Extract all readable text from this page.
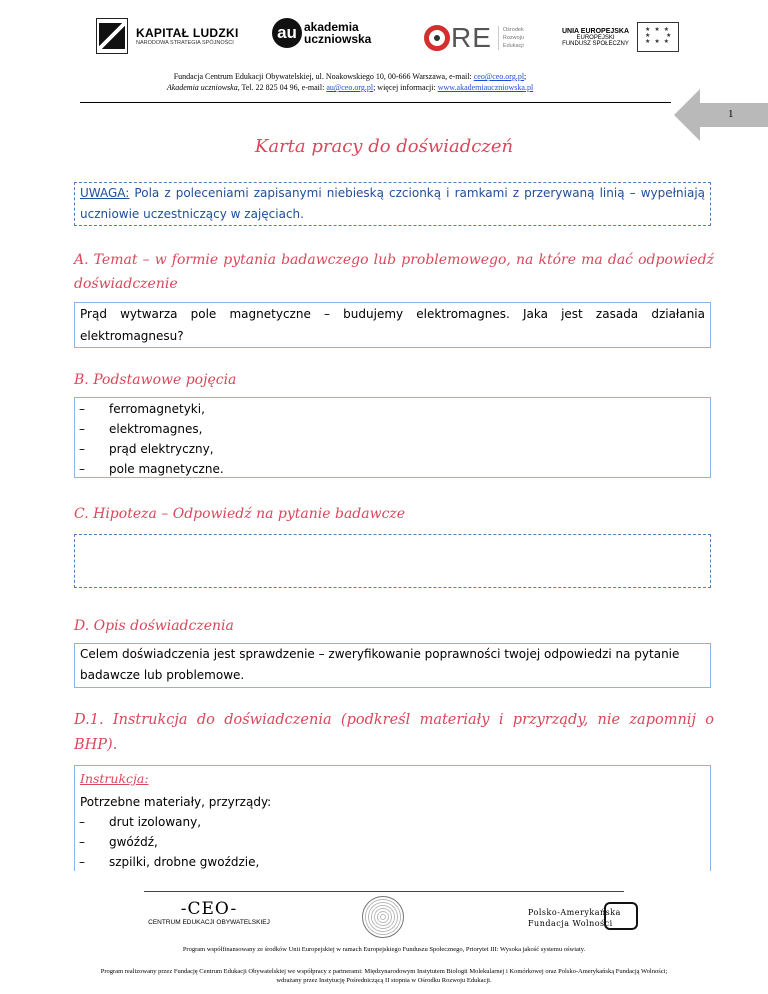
KAPITAŁ LUDZKI
NARODOWA STRATEGIA SPÓJNOŚCI
au akademia
uczniowska	RE Ośrodek
Rozwoju
Edukacji
UNIA EUROPEJSKA
EUROPEJSKI
FUNDUSZ SPOŁECZNY
★ ★ ★
★     ★
★ ★ ★
Fundacja Centrum Edukacji Obywatelskiej, ul. Noakowskiego 10, 00-666 Warszawa, e-mail: ceo@ceo.org.pl;
Akademia uczniowska, Tel. 22 825 04 96, e-mail: au@ceo.org.pl; więcej informacji: www.akademiauczniowska.pl
1
Karta pracy do doświadczeń
UWAGA: Pola z poleceniami zapisanymi niebieską czcionką i ramkami z przerywaną linią – wypełniają uczniowie uczestniczący w zajęciach.
A. Temat – w formie pytania badawczego lub problemowego, na które ma dać odpowiedź doświadczenie
Prąd wytwarza pole magnetyczne – budujemy elektromagnes. Jaka jest zasada działania elektromagnesu?
B. Podstawowe pojęcia
– ferromagnetyki,
– elektromagnes,
– prąd elektryczny,
– pole magnetyczne.
C. Hipoteza – Odpowiedź na pytanie badawcze
D. Opis doświadczenia
Celem doświadczenia jest sprawdzenie – zweryfikowanie poprawności twojej odpowiedzi na pytanie badawcze lub problemowe.
D.1. Instrukcja do doświadczenia (podkreśl materiały i przyrządy, nie zapomnij o BHP).
Instrukcja:
Potrzebne materiały, przyrządy:
– drut izolowany,
– gwóźdź,
– szpilki, drobne gwoździe,
-CEO-
CENTRUM EDUKACJI OBYWATELSKIEJ
Polsko-Amerykańska
Fundacja Wolności
Program współfinansowany ze środków Unii Europejskiej w ramach Europejskiego Funduszu Społecznego, Priorytet III: Wysoka jakość systemu oświaty.
Program realizowany przez Fundację Centrum Edukacji Obywatelskiej we współpracy z partnerami: Międzynarodowym Instytutem Biologii Molekularnej i Komórkowej oraz Polsko-Amerykańską Fundacją Wolności;
wdrażany przez Instytucję Pośredniczącą II stopnia w Ośrodku Rozwoju Edukacji.
